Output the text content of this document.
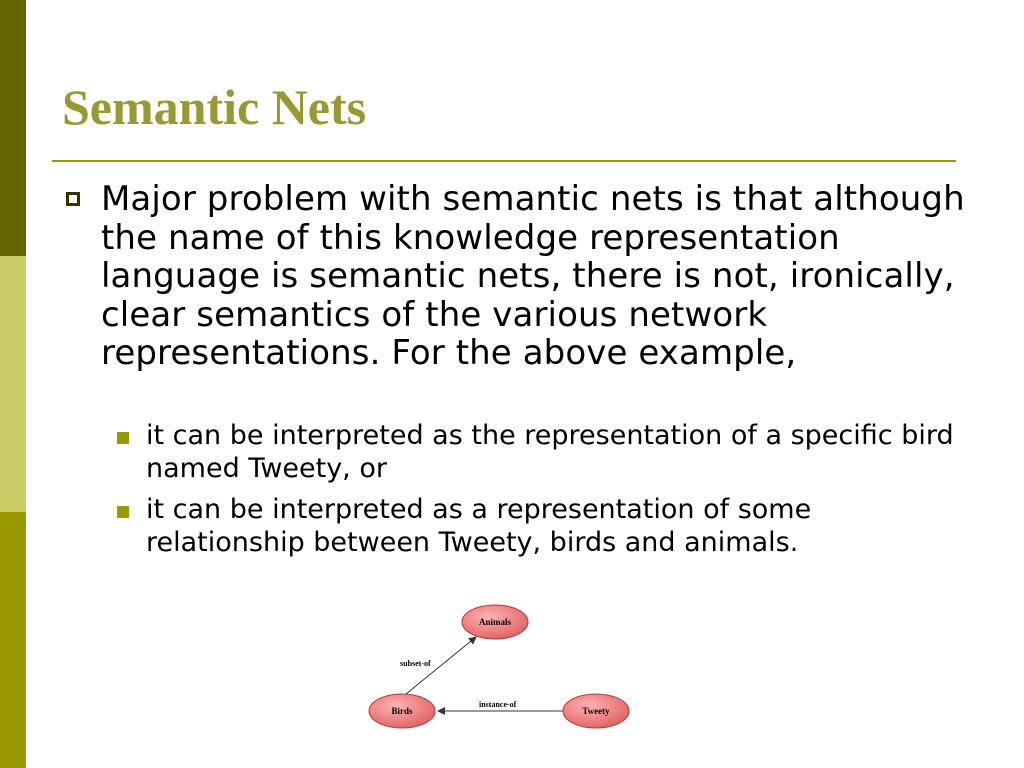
Semantic Nets

Major problem with semantic nets is that although the name of this knowledge representation language is semantic nets, there is not, ironically, clear semantics of the various network representations. For the above example,

it can be interpreted as the representation of a specific bird named Tweety, or

it can be interpreted as a representation of some relationship between Tweety, birds and animals.

subset-of
instance-of
Animals
Birds	Tweety
